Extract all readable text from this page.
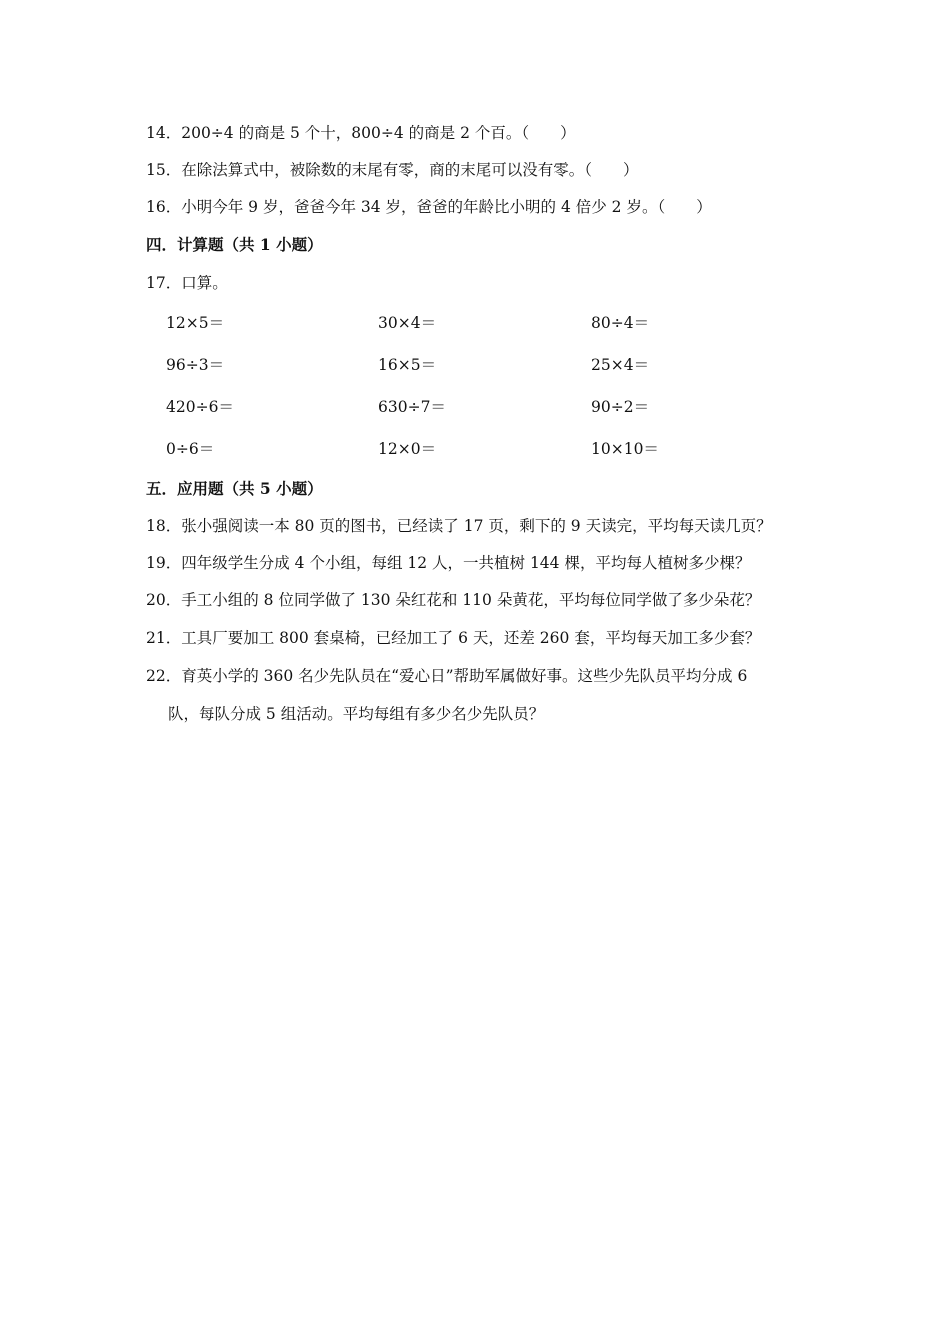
14．200÷4 的商是 5 个十，800÷4 的商是 2 个百。（　　）
15．在除法算式中，被除数的末尾有零，商的末尾可以没有零。（　　）
16．小明今年 9 岁，爸爸今年 34 岁，爸爸的年龄比小明的 4 倍少 2 岁。（　　）
四．计算题（共 1 小题）
17．口算。
12×5＝	30×4＝	80÷4＝
96÷3＝	16×5＝	25×4＝
420÷6＝	630÷7＝	90÷2＝
0÷6＝	12×0＝	10×10＝
五．应用题（共 5 小题）
18．张小强阅读一本 80 页的图书，已经读了 17 页，剩下的 9 天读完，平均每天读几页？
19．四年级学生分成 4 个小组，每组 12 人，一共植树 144 棵，平均每人植树多少棵？
20．手工小组的 8 位同学做了 130 朵红花和 110 朵黄花，平均每位同学做了多少朵花？
21．工具厂要加工 800 套桌椅，已经加工了 6 天，还差 260 套，平均每天加工多少套？
22．育英小学的 360 名少先队员在“爱心日”帮助军属做好事。这些少先队员平均分成 6
队，每队分成 5 组活动。平均每组有多少名少先队员？
